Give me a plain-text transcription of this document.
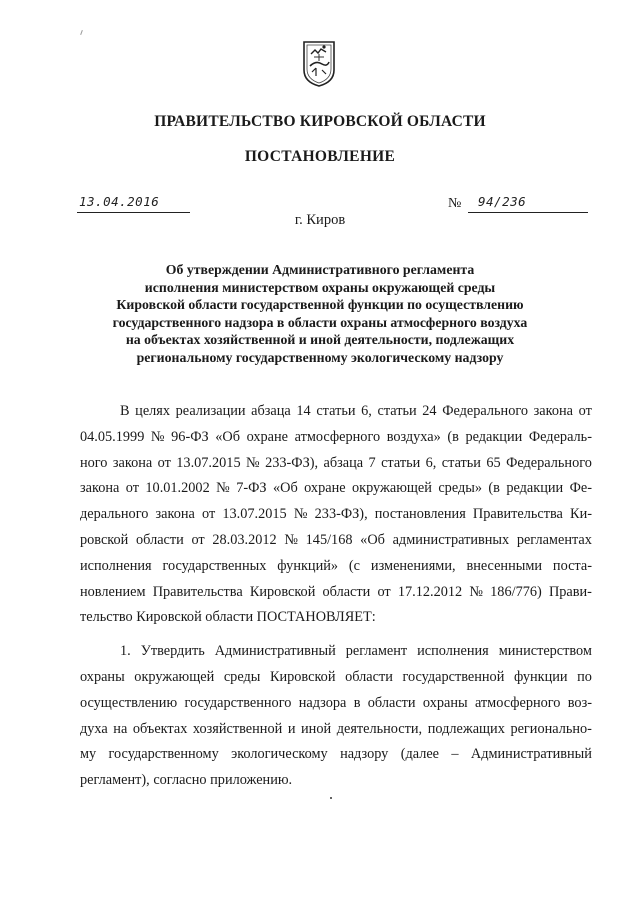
ПРАВИТЕЛЬСТВО КИРОВСКОЙ ОБЛАСТИ
ПОСТАНОВЛЕНИЕ
13.04.2016	№ 94/236
г. Киров
Об утверждении Административного регламента
исполнения министерством охраны окружающей среды
Кировской области государственной функции по осуществлению
государственного надзора в области охраны атмосферного воздуха
на объектах хозяйственной и иной деятельности, подлежащих
региональному государственному экологическому надзору
В целях реализации абзаца 14 статьи 6, статьи 24 Федерального закона от
04.05.1999 № 96-ФЗ «Об охране атмосферного воздуха» (в редакции Федераль-
ного закона от 13.07.2015 № 233-ФЗ), абзаца 7 статьи 6, статьи 65 Федерального
закона от 10.01.2002 № 7-ФЗ «Об охране окружающей среды» (в редакции Фе-
дерального закона от 13.07.2015 № 233-ФЗ), постановления Правительства Ки-
ровской области от 28.03.2012 № 145/168 «Об административных регламентах
исполнения государственных функций» (с изменениями, внесенными поста-
новлением Правительства Кировской области от 17.12.2012 № 186/776) Прави-
тельство Кировской области ПОСТАНОВЛЯЕТ:
1. Утвердить Административный регламент исполнения министерством
охраны окружающей среды Кировской области государственной функции по
осуществлению государственного надзора в области охраны атмосферного воз-
духа на объектах хозяйственной и иной деятельности, подлежащих регионально-
му государственному экологическому надзору (далее – Административный
регламент), согласно приложению.
